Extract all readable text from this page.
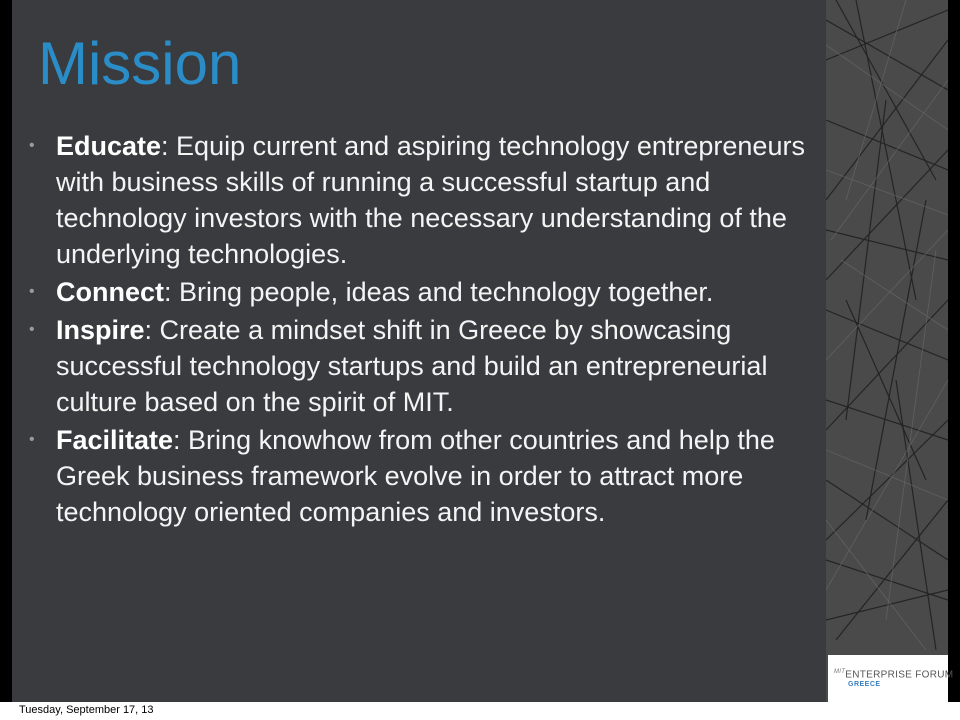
Mission
• Educate: Equip current and aspiring technology entrepreneurs with business skills of running a successful startup and technology investors with the necessary understanding of the underlying technologies.
• Connect: Bring people, ideas and technology together.
• Inspire: Create a mindset shift in Greece by showcasing successful technology startups and build an entrepreneurial culture based on the spirit of MIT.
• Facilitate: Bring knowhow from other countries and help the Greek business framework evolve in order to attract more technology oriented companies and investors.
$^{MIT}$ENTERPRISE FORUM
GREECE
Tuesday, September 17, 13
